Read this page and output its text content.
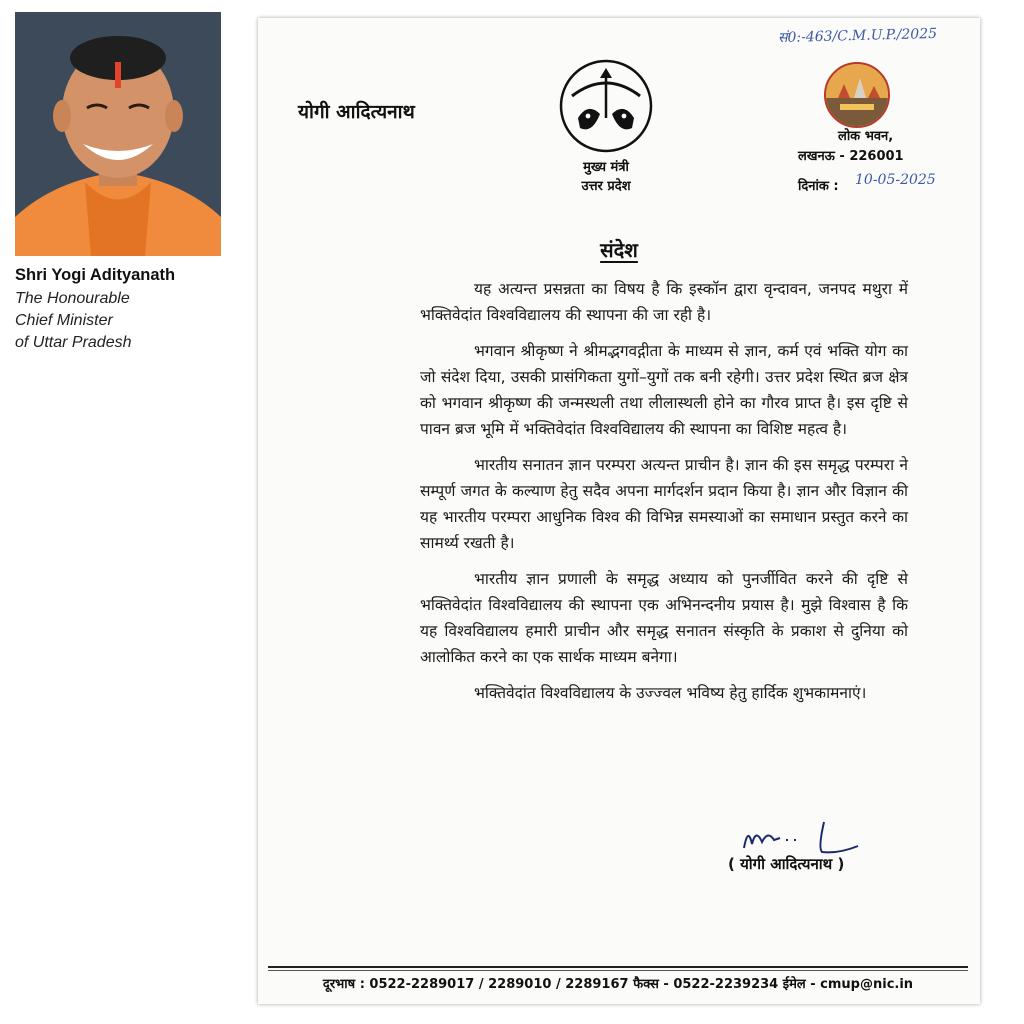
Shri Yogi Adityanath
The Honourable
Chief Minister
of Uttar Pradesh
योगी आदित्यनाथ
मुख्य मंत्री
उत्तर प्रदेश
सं0:-463/C.M.U.P./2025
लोक भवन,
लखनऊ - 226001
दिनांक : 10-05-2025
संदेश

यह अत्यन्त प्रसन्नता का विषय है कि इस्कॉन द्वारा वृन्दावन, जनपद मथुरा में भक्तिवेदांत विश्वविद्यालय की स्थापना की जा रही है।

भगवान श्रीकृष्ण ने श्रीमद्भगवद्गीता के माध्यम से ज्ञान, कर्म एवं भक्ति योग का जो संदेश दिया, उसकी प्रासंगिकता युगों–युगों तक बनी रहेगी। उत्तर प्रदेश स्थित ब्रज क्षेत्र को भगवान श्रीकृष्ण की जन्मस्थली तथा लीलास्थली होने का गौरव प्राप्त है। इस दृष्टि से पावन ब्रज भूमि में भक्तिवेदांत विश्वविद्यालय की स्थापना का विशिष्ट महत्व है।

भारतीय सनातन ज्ञान परम्परा अत्यन्त प्राचीन है। ज्ञान की इस समृद्ध परम्परा ने सम्पूर्ण जगत के कल्याण हेतु सदैव अपना मार्गदर्शन प्रदान किया है। ज्ञान और विज्ञान की यह भारतीय परम्परा आधुनिक विश्व की विभिन्न समस्याओं का समाधान प्रस्तुत करने का सामर्थ्य रखती है।

भारतीय ज्ञान प्रणाली के समृद्ध अध्याय को पुनर्जीवित करने की दृष्टि से भक्तिवेदांत विश्वविद्यालय की स्थापना एक अभिनन्दनीय प्रयास है। मुझे विश्वास है कि यह विश्वविद्यालय हमारी प्राचीन और समृद्ध सनातन संस्कृति के प्रकाश से दुनिया को आलोकित करने का एक सार्थक माध्यम बनेगा।

भक्तिवेदांत विश्वविद्यालय के उज्ज्वल भविष्य हेतु हार्दिक शुभकामनाएं।

( योगी आदित्यनाथ )
दूरभाष : 0522-2289017 / 2289010 / 2289167 फैक्स - 0522-2239234 ईमेल - cmup@nic.in
